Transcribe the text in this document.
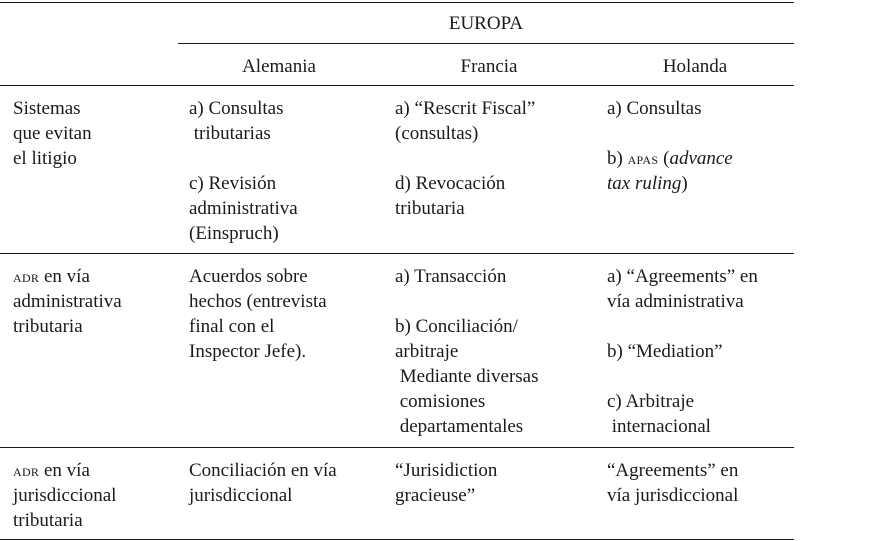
EUROPA
Alemania	Francia	Holanda
Sistemas
que evitan
el litigio
a) Consultas
tributarias

c) Revisión
administrativa
(Einspruch)
a) “Rescrit Fiscal”
(consultas)

d) Revocación
tributaria
a) Consultas

b) apas (advance
tax ruling)
adr en vía
administrativa
tributaria
Acuerdos sobre
hechos (entrevista
final con el
Inspector Jefe).
a) Transacción

b) Conciliación/
arbitraje
Mediante diversas
comisiones
departamentales
a) “Agreements” en
vía administrativa

b) “Mediation”

c) Arbitraje
internacional
adr en vía
jurisdiccional
tributaria
Conciliación en vía
jurisdiccional
“Jurisidiction
gracieuse”
“Agreements” en
vía jurisdiccional
